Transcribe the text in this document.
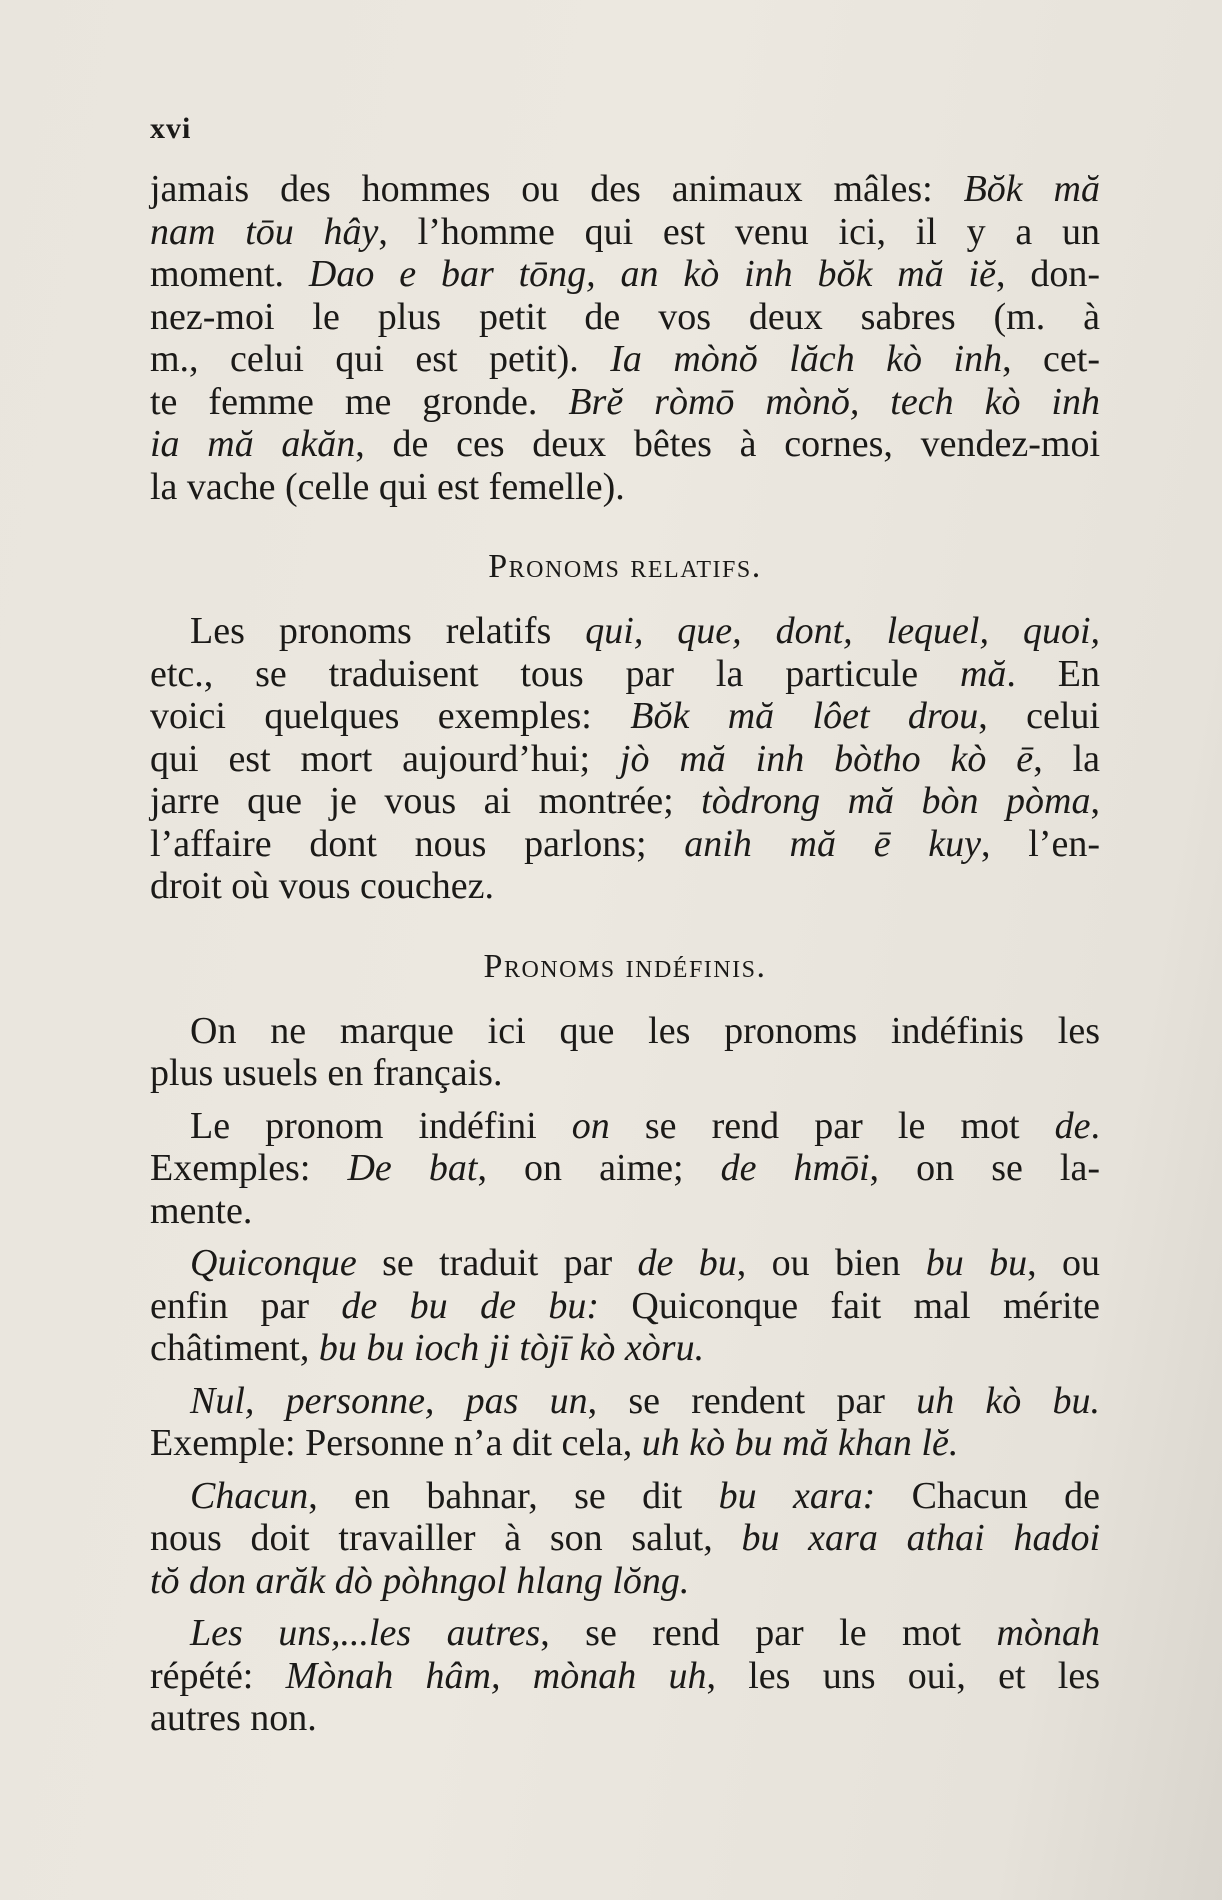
xvi
jamais des hommes ou des animaux mâles: Bŏk mă
nam tōu hây, l’homme qui est venu ici, il y a un
moment. Dao e bar tōng, an kò inh bŏk mă iĕ, don-
nez-moi le plus petit de vos deux sabres (m. à
m., celui qui est petit). Ia mònŏ lăch kò inh, cet-
te femme me gronde. Brĕ ròmō mònŏ, tech kò inh
ia mă akăn, de ces deux bêtes à cornes, vendez-moi
la vache (celle qui est femelle).
Pronoms relatifs.
Les pronoms relatifs qui, que, dont, lequel, quoi,
etc., se traduisent tous par la particule mă. En
voici quelques exemples: Bŏk mă lôet drou, celui
qui est mort aujourd’hui; jò mă inh bòtho kò ē, la
jarre que je vous ai montrée; tòdrong mă bòn pòma,
l’affaire dont nous parlons; anih mă ē kuy, l’en-
droit où vous couchez.
Pronoms indéfinis.
On ne marque ici que les pronoms indéfinis les
plus usuels en français.
Le pronom indéfini on se rend par le mot de.
Exemples: De bat, on aime; de hmōi, on se la-
mente.
Quiconque se traduit par de bu, ou bien bu bu, ou
enfin par de bu de bu: Quiconque fait mal mérite
châtiment, bu bu ioch ji tòjī kò xòru.
Nul, personne, pas un, se rendent par uh kò bu.
Exemple: Personne n’a dit cela, uh kò bu mă khan lĕ.
Chacun, en bahnar, se dit bu xara: Chacun de
nous doit travailler à son salut, bu xara athai hadoi
tŏ don arăk dò pòhngol hlang lŏng.
Les uns,...les autres, se rend par le mot mònah
répété: Mònah hâm, mònah uh, les uns oui, et les
autres non.
